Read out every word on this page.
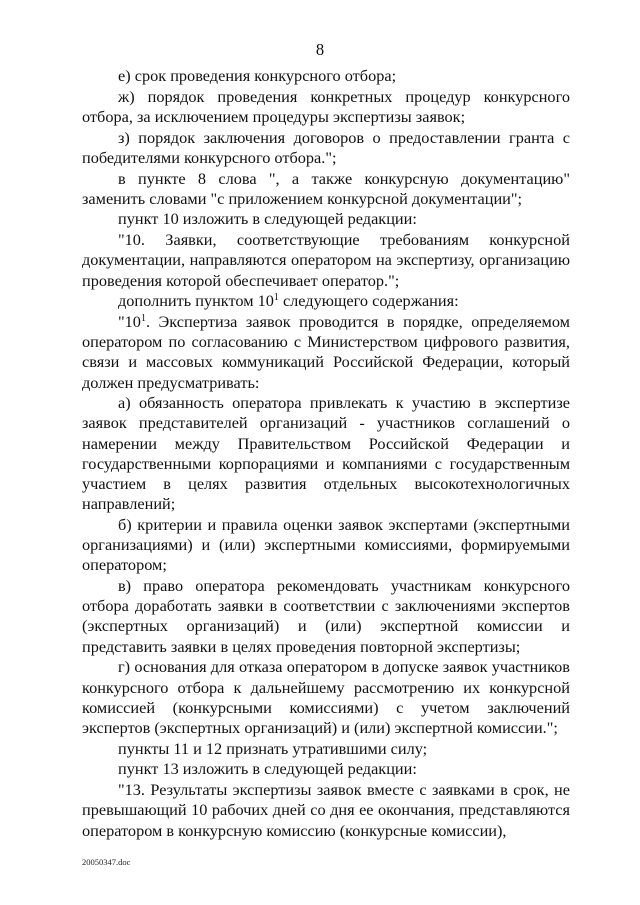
8

е) срок проведения конкурсного отбора;

ж) порядок проведения конкретных процедур конкурсного отбора, за исключением процедуры экспертизы заявок;

з) порядок заключения договоров о предоставлении гранта с победителями конкурсного отбора.";

в пункте 8 слова ", а также конкурсную документацию" заменить словами "с приложением конкурсной документации";

пункт 10 изложить в следующей редакции:

"10. Заявки, соответствующие требованиям конкурсной документации, направляются оператором на экспертизу, организацию проведения которой обеспечивает оператор.";

дополнить пунктом $10^1$ следующего содержания:

"$10^1$. Экспертиза заявок проводится в порядке, определяемом оператором по согласованию с Министерством цифрового развития, связи и массовых коммуникаций Российской Федерации, который должен предусматривать:

а) обязанность оператора привлекать к участию в экспертизе заявок представителей организаций - участников соглашений о намерении между Правительством Российской Федерации и государственными корпорациями и компаниями с государственным участием в целях развития отдельных высокотехнологичных направлений;

б) критерии и правила оценки заявок экспертами (экспертными организациями) и (или) экспертными комиссиями, формируемыми оператором;

в) право оператора рекомендовать участникам конкурсного отбора доработать заявки в соответствии с заключениями экспертов (экспертных организаций) и (или) экспертной комиссии и представить заявки в целях проведения повторной экспертизы;

г) основания для отказа оператором в допуске заявок участников конкурсного отбора к дальнейшему рассмотрению их конкурсной комиссией (конкурсными комиссиями) с учетом заключений экспертов (экспертных организаций) и (или) экспертной комиссии.";

пункты 11 и 12 признать утратившими силу;

пункт 13 изложить в следующей редакции:

"13. Результаты экспертизы заявок вместе с заявками в срок, не превышающий 10 рабочих дней со дня ее окончания, представляются оператором в конкурсную комиссию (конкурсные комиссии),

20050347.doc
